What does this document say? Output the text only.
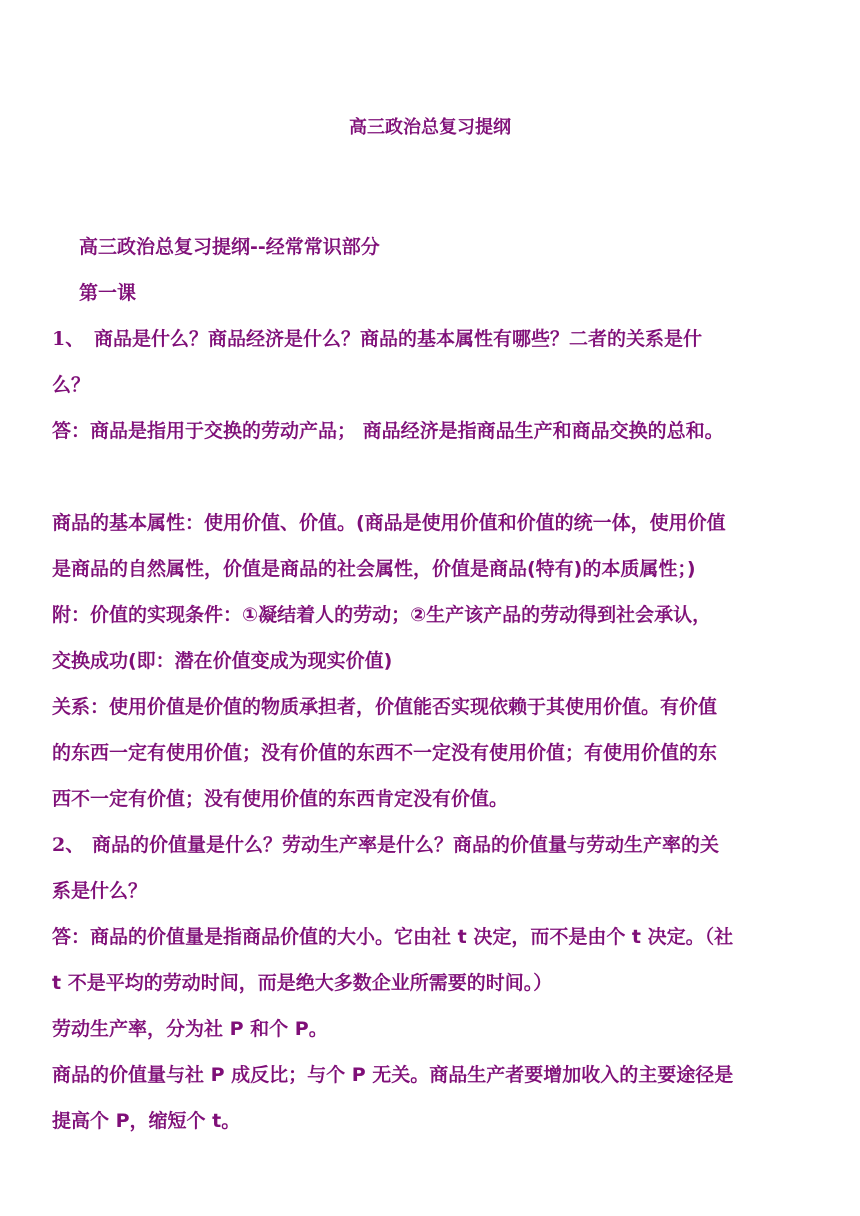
高三政治总复习提纲
高三政治总复习提纲--经常常识部分
第一课
1、 商品是什么？商品经济是什么？商品的基本属性有哪些？二者的关系是什
么？
答：商品是指用于交换的劳动产品； 商品经济是指商品生产和商品交换的总和。
商品的基本属性：使用价值、价值。(商品是使用价值和价值的统一体，使用价值
是商品的自然属性，价值是商品的社会属性，价值是商品(特有)的本质属性；)
附：价值的实现条件：①凝结着人的劳动；②生产该产品的劳动得到社会承认，
交换成功(即：潜在价值变成为现实价值)
关系：使用价值是价值的物质承担者，价值能否实现依赖于其使用价值。有价值
的东西一定有使用价值；没有价值的东西不一定没有使用价值；有使用价值的东
西不一定有价值；没有使用价值的东西肯定没有价值。
2、 商品的价值量是什么？劳动生产率是什么？商品的价值量与劳动生产率的关
系是什么？
答：商品的价值量是指商品价值的大小。它由社 t 决定，而不是由个 t 决定。（社
t 不是平均的劳动时间，而是绝大多数企业所需要的时间。）
劳动生产率，分为社 P 和个 P。
商品的价值量与社 P 成反比；与个 P 无关。商品生产者要增加收入的主要途径是
提高个 P，缩短个 t。
